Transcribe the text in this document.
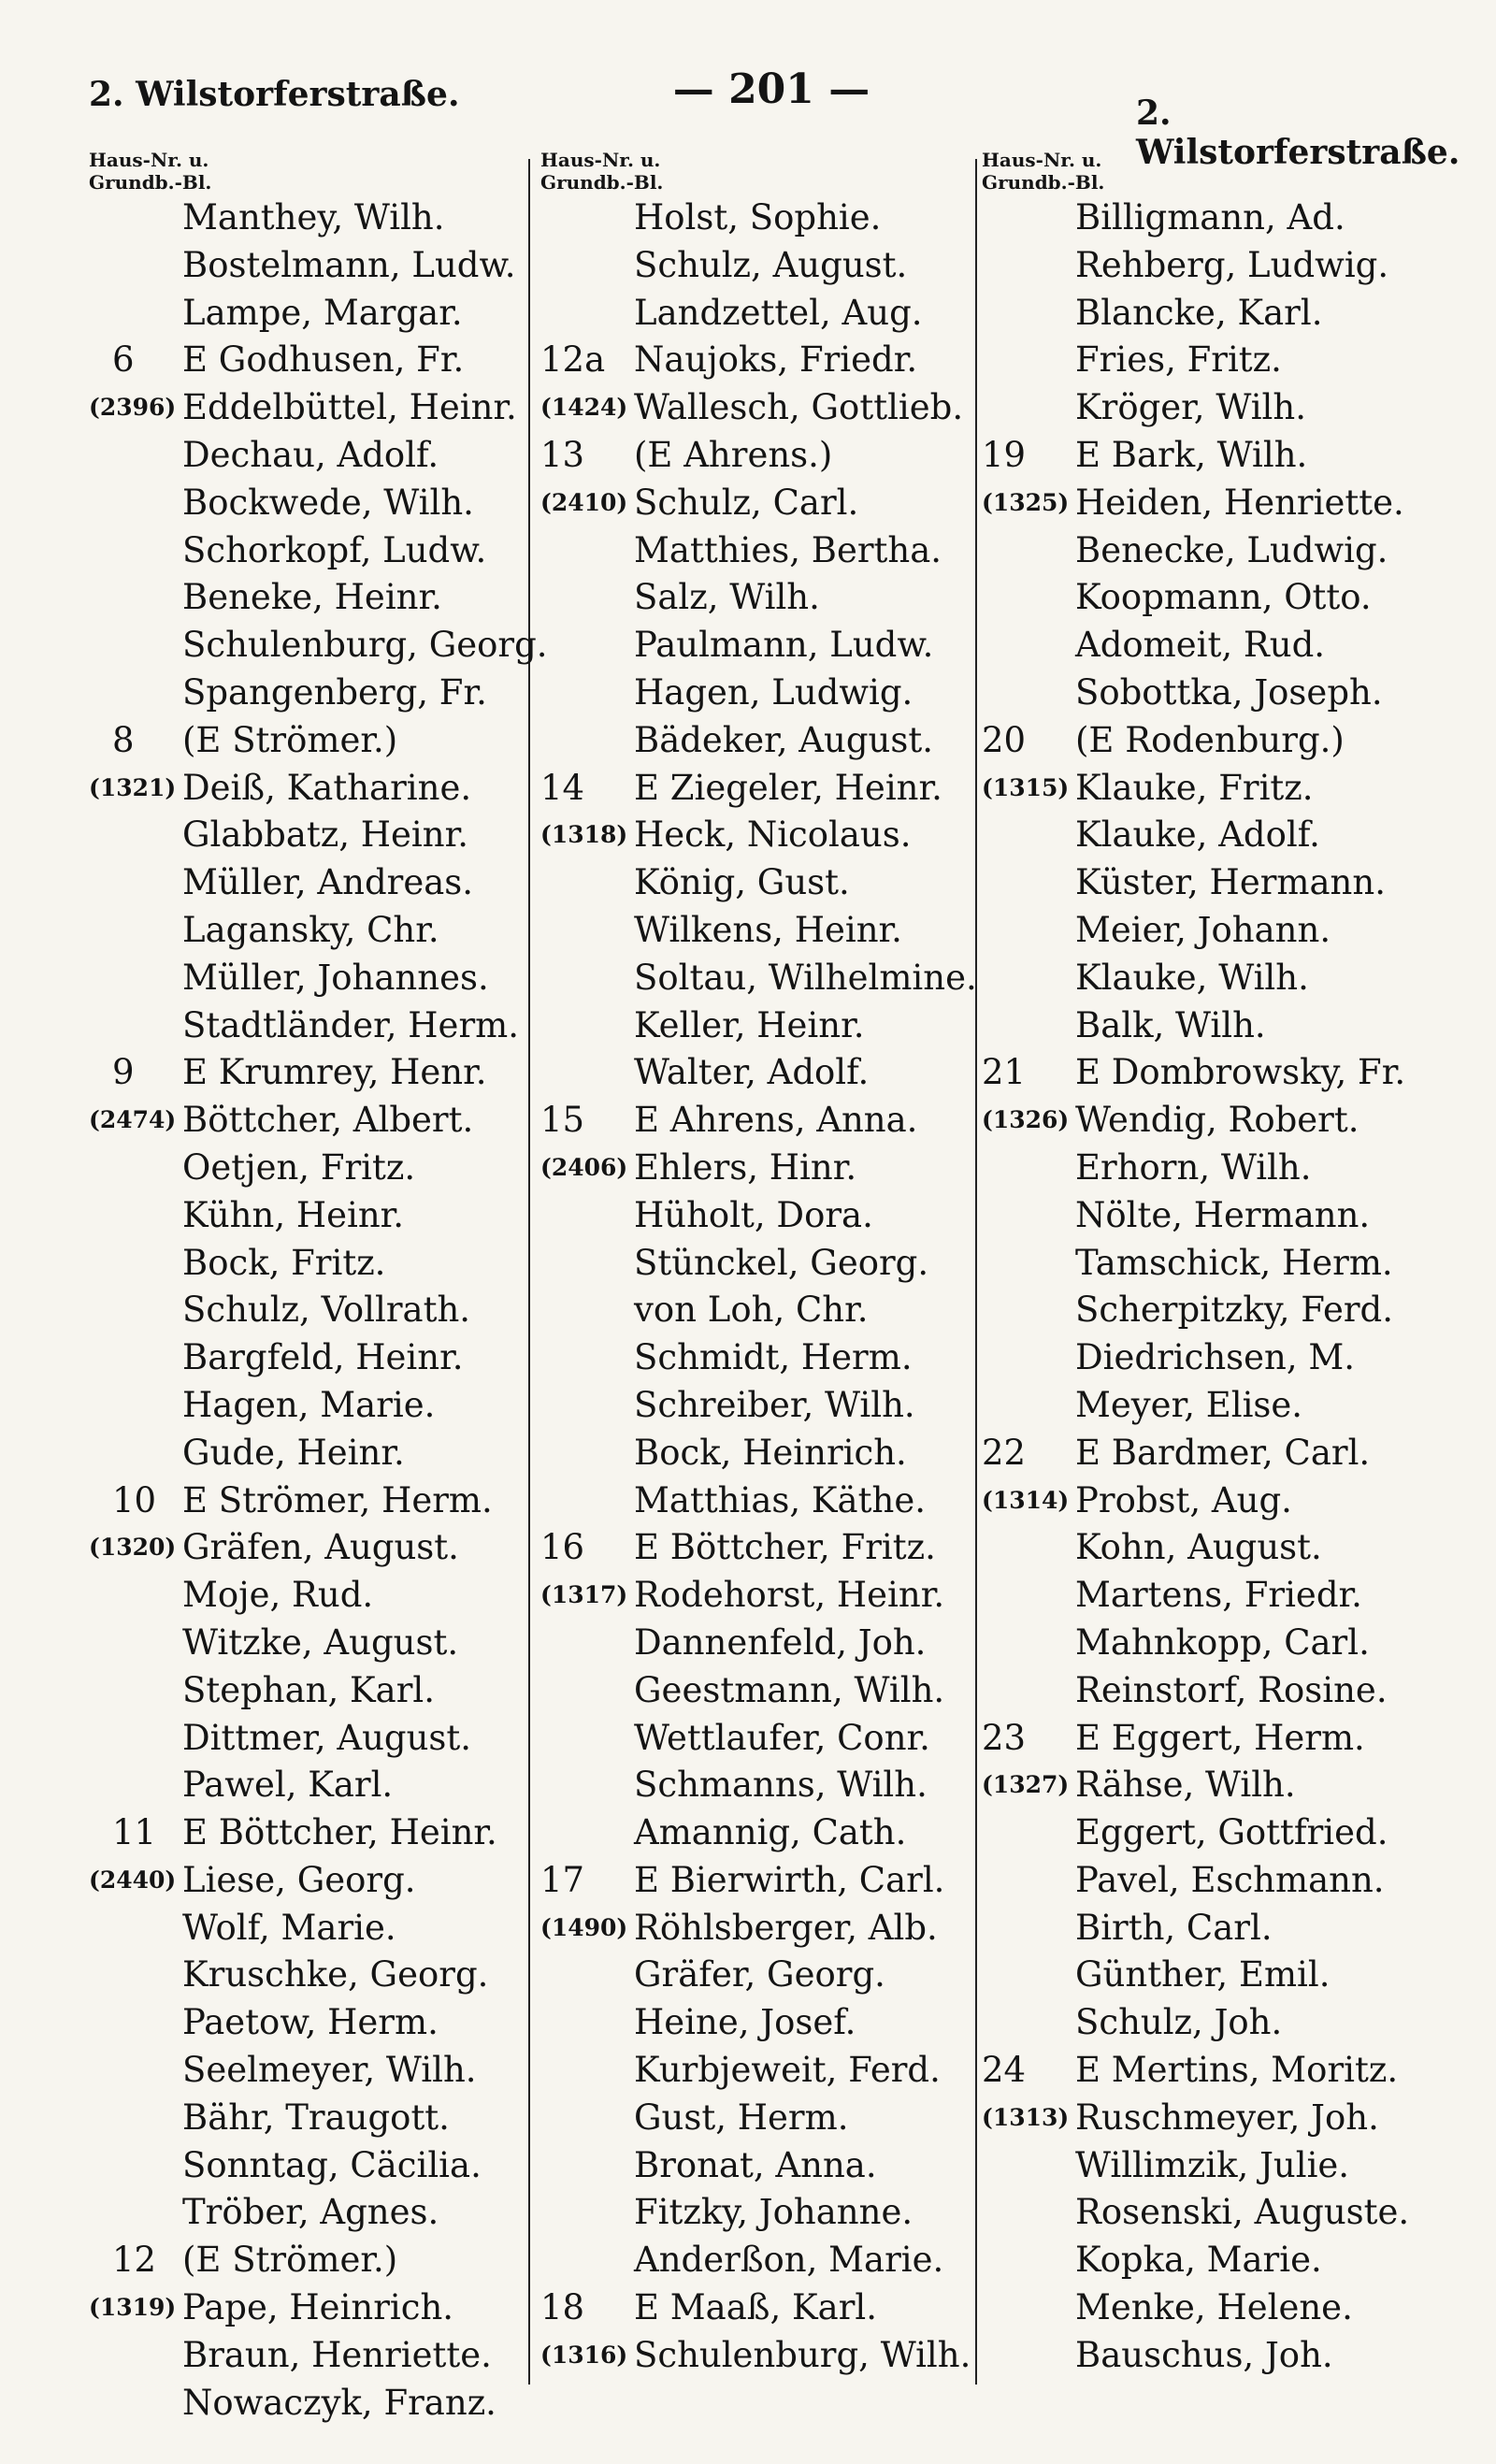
2. Wilstorferstraße.	— 201 —	2. Wilstorferstraße.
Haus-Nr. u.
Grundb.-Bl.
Manthey, Wilh.
Bostelmann, Ludw.
Lampe, Margar.
6	E Godhusen, Fr.
(2396) Eddelbüttel, Heinr.
Dechau, Adolf.
Bockwede, Wilh.
Schorkopf, Ludw.
Beneke, Heinr.
Schulenburg, Georg.
Spangenberg, Fr.
8	(E Strömer.)
(1321) Deiß, Katharine.
Glabbatz, Heinr.
Müller, Andreas.
Lagansky, Chr.
Müller, Johannes.
Stadtländer, Herm.
9	E Krumrey, Henr.
(2474) Böttcher, Albert.
Oetjen, Fritz.
Kühn, Heinr.
Bock, Fritz.
Schulz, Vollrath.
Bargfeld, Heinr.
Hagen, Marie.
Gude, Heinr.
10 E Strömer, Herm.
(1320) Gräfen, August.
Moje, Rud.
Witzke, August.
Stephan, Karl.
Dittmer, August.
Pawel, Karl.
11 E Böttcher, Heinr.
(2440) Liese, Georg.
Wolf, Marie.
Kruschke, Georg.
Paetow, Herm.
Seelmeyer, Wilh.
Bähr, Traugott.
Sonntag, Cäcilia.
Tröber, Agnes.
12 (E Strömer.)
(1319) Pape, Heinrich.
Braun, Henriette.
Nowaczyk, Franz.
Haus-Nr. u.
Grundb.-Bl.
Holst, Sophie.
Schulz, August.
Landzettel, Aug.
12a Naujoks, Friedr.
(1424) Wallesch, Gottlieb.
13	(E Ahrens.)
(2410) Schulz, Carl.
Matthies, Bertha.
Salz, Wilh.
Paulmann, Ludw.
Hagen, Ludwig.
Bädeker, August.
14	E Ziegeler, Heinr.
(1318) Heck, Nicolaus.
König, Gust.
Wilkens, Heinr.
Soltau, Wilhelmine.
Keller, Heinr.
Walter, Adolf.
15	E Ahrens, Anna.
(2406) Ehlers, Hinr.
Hüholt, Dora.
Stünckel, Georg.
von Loh, Chr.
Schmidt, Herm.
Schreiber, Wilh.
Bock, Heinrich.
Matthias, Käthe.
16	E Böttcher, Fritz.
(1317) Rodehorst, Heinr.
Dannenfeld, Joh.
Geestmann, Wilh.
Wettlaufer, Conr.
Schmanns, Wilh.
Amannig, Cath.
17	E Bierwirth, Carl.
(1490) Röhlsberger, Alb.
Gräfer, Georg.
Heine, Josef.
Kurbjeweit, Ferd.
Gust, Herm.
Bronat, Anna.
Fitzky, Johanne.
Anderßon, Marie.
18	E Maaß, Karl.
(1316) Schulenburg, Wilh.
Haus-Nr. u.
Grundb.-Bl.
Billigmann, Ad.
Rehberg, Ludwig.
Blancke, Karl.
Fries, Fritz.
Kröger, Wilh.
19	E Bark, Wilh.
(1325) Heiden, Henriette.
Benecke, Ludwig.
Koopmann, Otto.
Adomeit, Rud.
Sobottka, Joseph.
20	(E Rodenburg.)
(1315) Klauke, Fritz.
Klauke, Adolf.
Küster, Hermann.
Meier, Johann.
Klauke, Wilh.
Balk, Wilh.
21	E Dombrowsky, Fr.
(1326) Wendig, Robert.
Erhorn, Wilh.
Nölte, Hermann.
Tamschick, Herm.
Scherpitzky, Ferd.
Diedrichsen, M.
Meyer, Elise.
22	E Bardmer, Carl.
(1314) Probst, Aug.
Kohn, August.
Martens, Friedr.
Mahnkopp, Carl.
Reinstorf, Rosine.
23	E Eggert, Herm.
(1327) Rähse, Wilh.
Eggert, Gottfried.
Pavel, Eschmann.
Birth, Carl.
Günther, Emil.
Schulz, Joh.
24	E Mertins, Moritz.
(1313) Ruschmeyer, Joh.
Willimzik, Julie.
Rosenski, Auguste.
Kopka, Marie.
Menke, Helene.
Bauschus, Joh.
